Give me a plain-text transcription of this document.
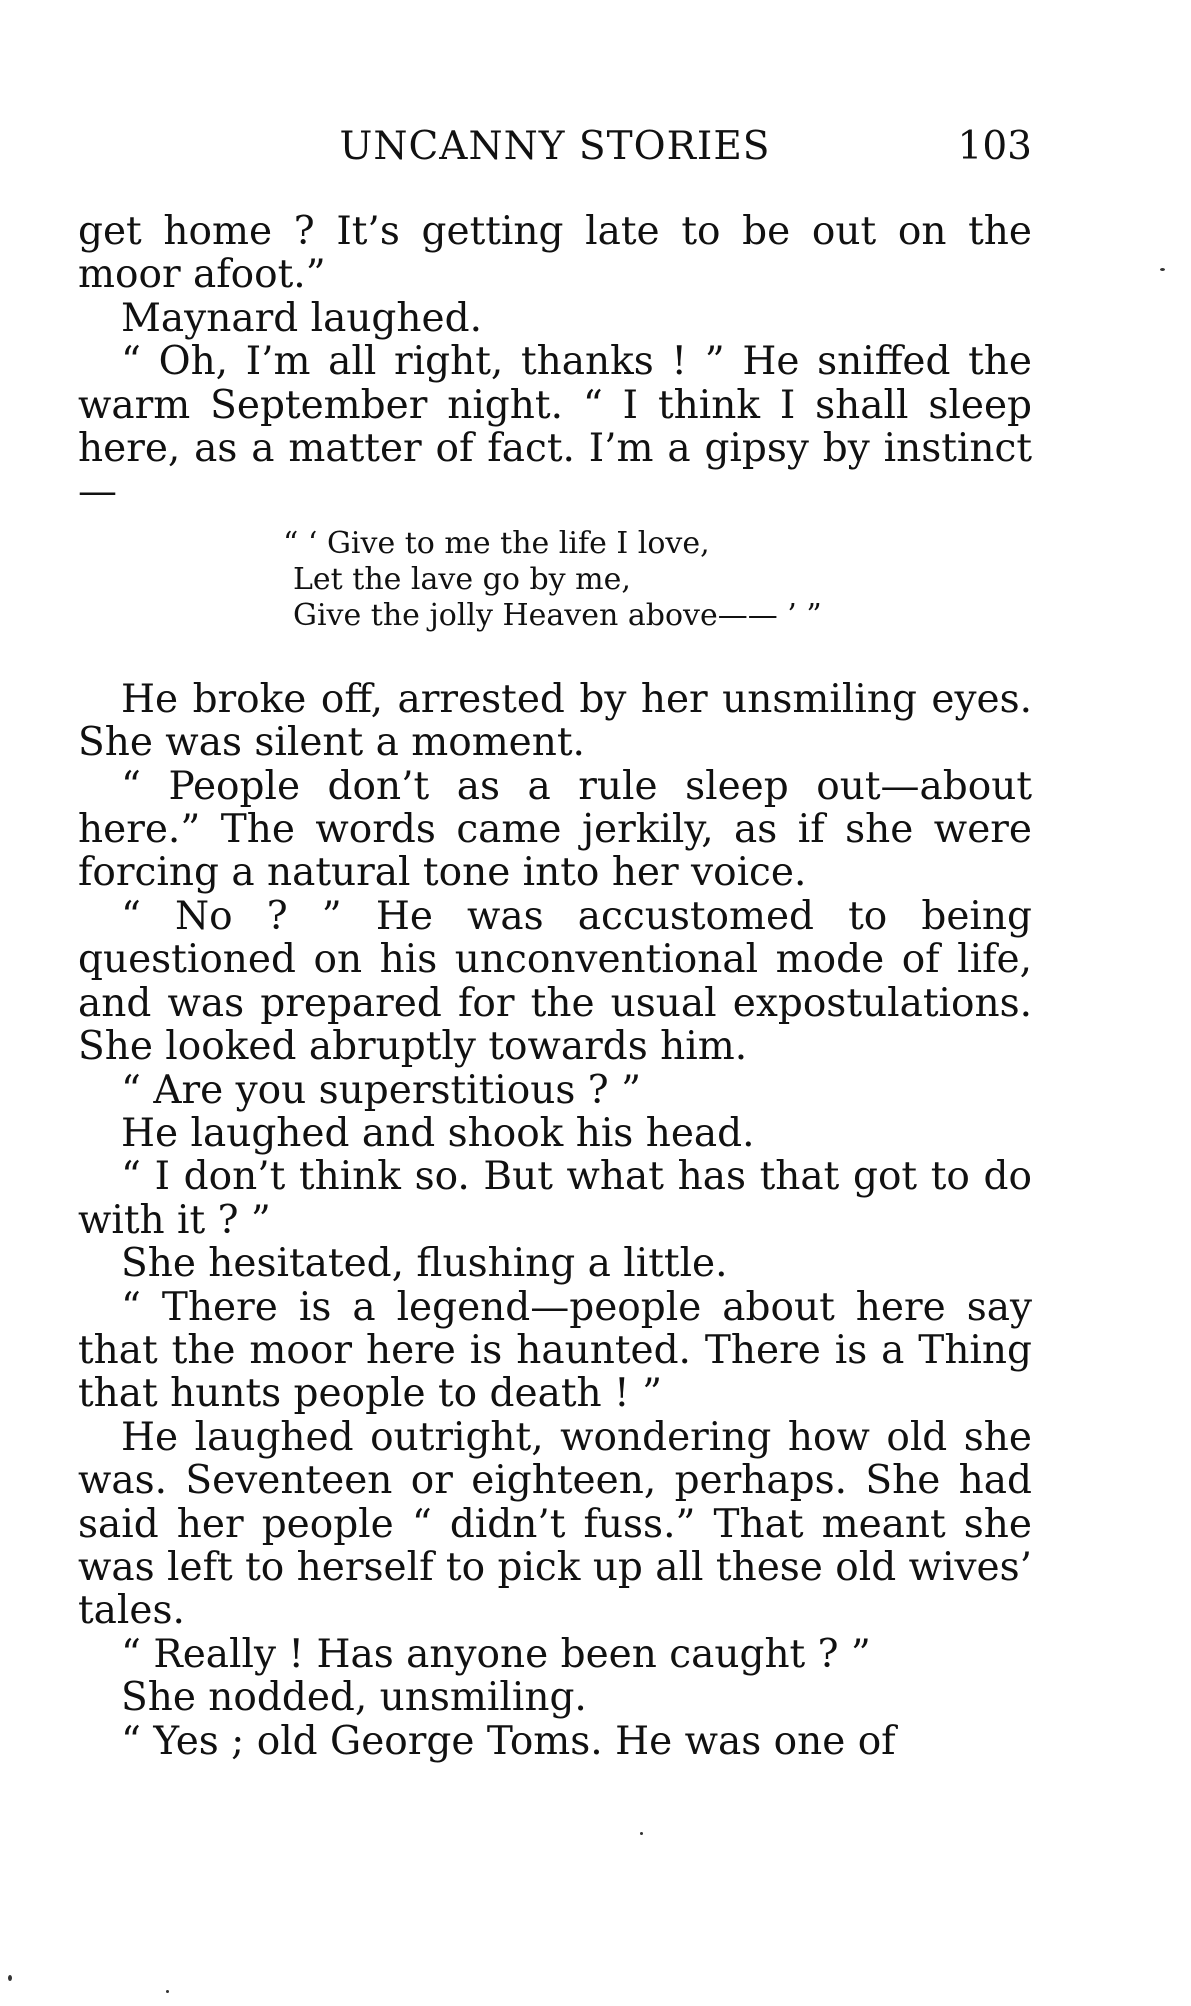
UNCANNY STORIES	103

get home ? It’s getting late to be out on the moor afoot.”

Maynard laughed.

“ Oh, I’m all right, thanks ! ” He sniffed the warm September night. “ I think I shall sleep here, as a matter of fact. I’m a gipsy by instinct—

“ ‘ Give to me the life I love,
Let the lave go by me,
Give the jolly Heaven above—— ’ ”

He broke off, arrested by her unsmiling eyes. She was silent a moment.

“ People don’t as a rule sleep out—about here.” The words came jerkily, as if she were forcing a natural tone into her voice.

“ No ? ” He was accustomed to being questioned on his unconventional mode of life, and was prepared for the usual expostulations. She looked abruptly towards him.

“ Are you superstitious ? ”

He laughed and shook his head.

“ I don’t think so. But what has that got to do with it ? ”

She hesitated, flushing a little.

“ There is a legend—people about here say that the moor here is haunted. There is a Thing that hunts people to death ! ”

He laughed outright, wondering how old she was. Seventeen or eighteen, perhaps. She had said her people “ didn’t fuss.” That meant she was left to herself to pick up all these old wives’ tales.

“ Really ! Has anyone been caught ? ”

She nodded, unsmiling.

“ Yes ; old George Toms. He was one of
